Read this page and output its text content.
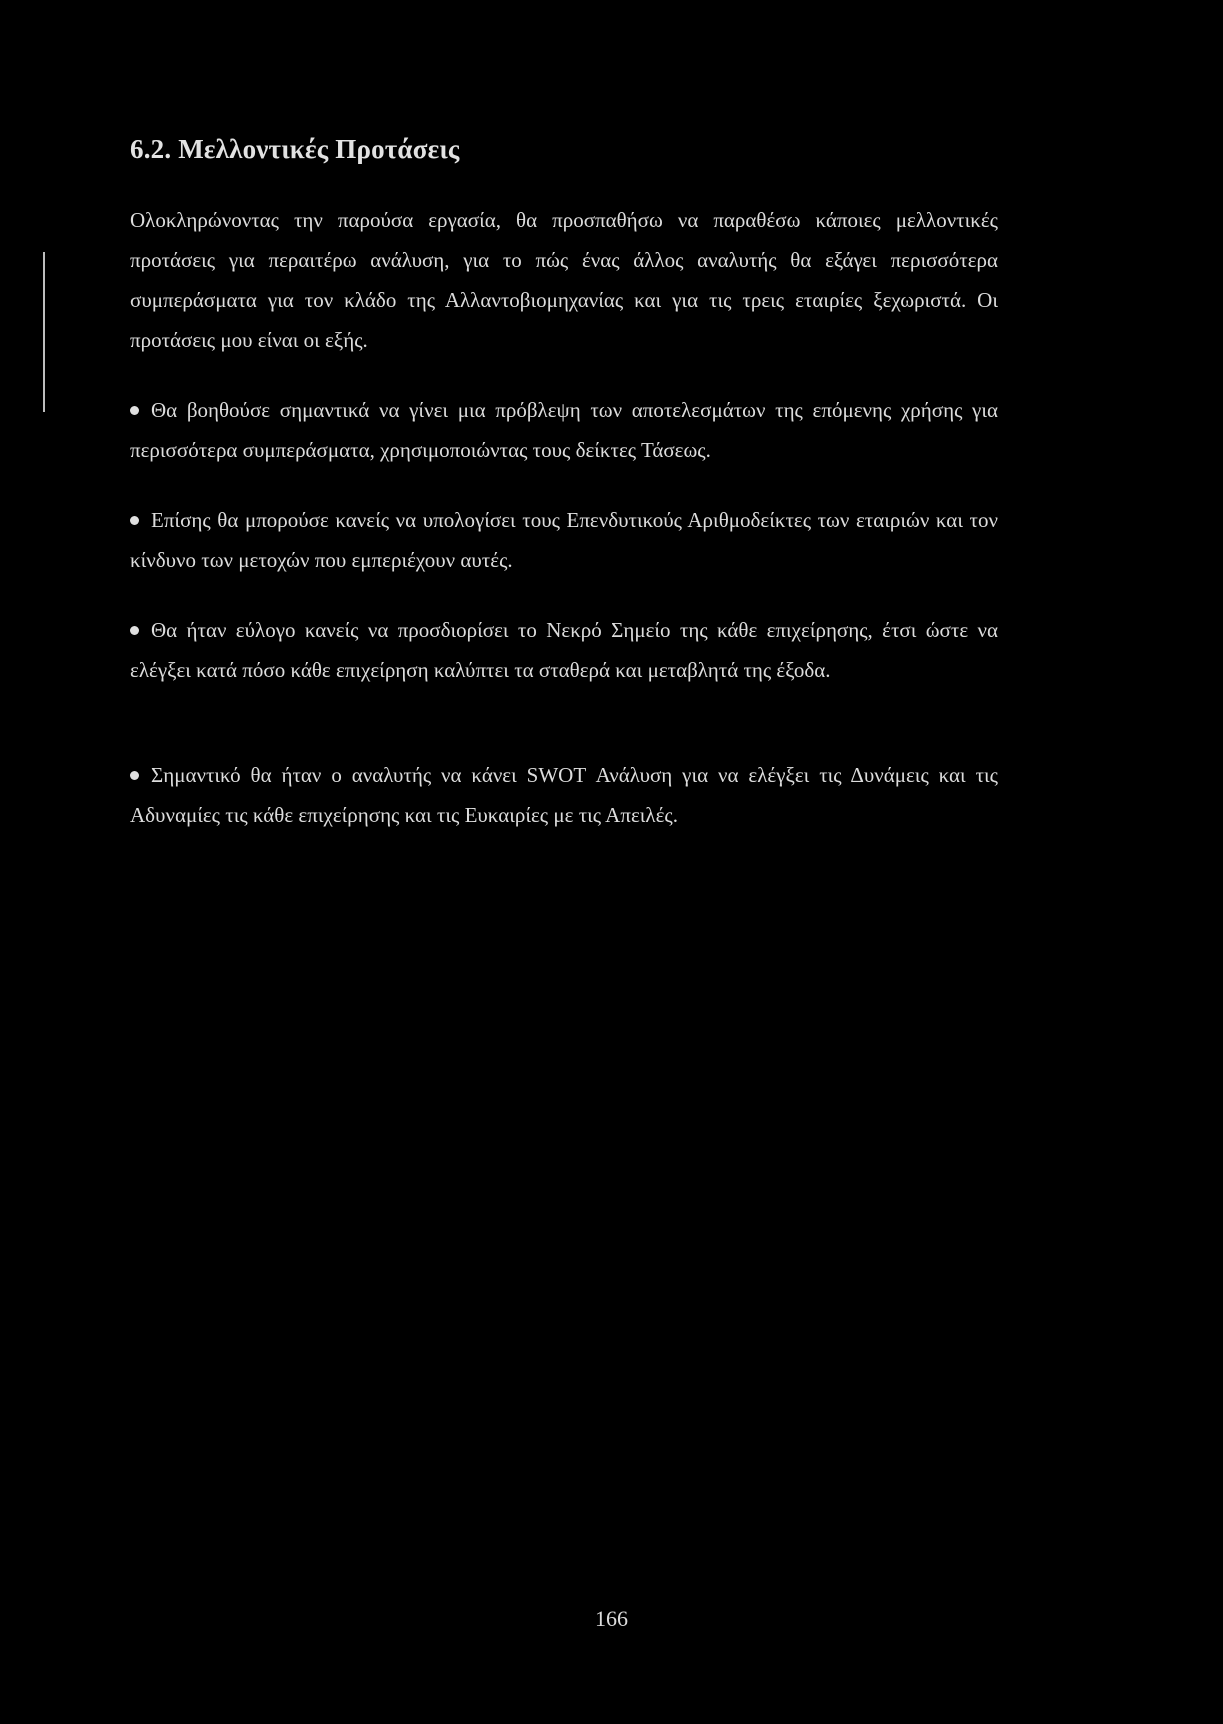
6.2. Μελλοντικές Προτάσεις

Ολοκληρώνοντας την παρούσα εργασία, θα προσπαθήσω να παραθέσω κάποιες μελλοντικές προτάσεις για περαιτέρω ανάλυση, για το πώς ένας άλλος αναλυτής θα εξάγει περισσότερα συμπεράσματα για τον κλάδο της Αλλαντοβιομηχανίας και για τις τρεις εταιρίες ξεχωριστά. Οι προτάσεις μου είναι οι εξής.

Θα βοηθούσε σημαντικά να γίνει μια πρόβλεψη των αποτελεσμάτων της επόμενης χρήσης για περισσότερα συμπεράσματα, χρησιμοποιώντας τους δείκτες Τάσεως.

Επίσης θα μπορούσε κανείς να υπολογίσει τους Επενδυτικούς Αριθμοδείκτες των εταιριών και τον κίνδυνο των μετοχών που εμπεριέχουν αυτές.

Θα ήταν εύλογο κανείς να προσδιορίσει το Νεκρό Σημείο της κάθε επιχείρησης, έτσι ώστε να ελέγξει κατά πόσο κάθε επιχείρηση καλύπτει τα σταθερά και μεταβλητά της έξοδα.

Σημαντικό θα ήταν ο αναλυτής να κάνει SWOT Ανάλυση για να ελέγξει τις Δυνάμεις και τις Αδυναμίες τις κάθε επιχείρησης και τις Ευκαιρίες με τις Απειλές.

166
